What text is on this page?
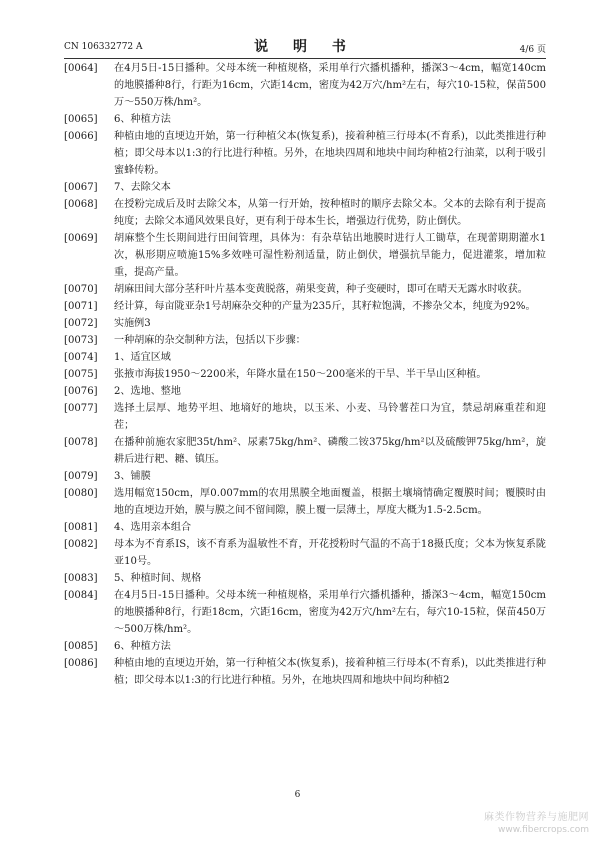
CN 106332772 A	说 明 书	4/6 页
[0064]	在4月5日-15日播种。父母本统一种植规格，采用单行穴播机播种，播深3～4cm，幅宽140cm的地膜播种8行，行距为16cm，穴距14cm，密度为42万穴/hm²左右，每穴10-15粒，保苗500万～550万株/hm²。
[0065]	6、种植方法
[0066]	种植由地的直埂边开始，第一行种植父本(恢复系)，接着种植三行母本(不育系)，以此类推进行种植；即父母本以1:3的行比进行种植。另外，在地块四周和地块中间均种植2行油菜，以利于吸引蜜蜂传粉。
[0067]	7、去除父本
[0068]	在授粉完成后及时去除父本，从第一行开始，按种植时的顺序去除父本。父本的去除有利于提高纯度；去除父本通风效果良好，更有利于母本生长，增强边行优势，防止倒伏。
[0069]	胡麻整个生长期间进行田间管理，具体为：有杂草钻出地膜时进行人工锄草，在现蕾期期灌水1次，枞形期应喷施15%多效唑可湿性粉剂适量，防止倒伏，增强抗旱能力，促进灌浆，增加粒重，提高产量。
[0070]	胡麻田间大部分茎秆叶片基本变黄脱落，蒴果变黄，种子变硬时，即可在晴天无露水时收获。
[0071]	经计算，每亩陇亚杂1号胡麻杂交种的产量为235斤，其籽粒饱满，不掺杂父本，纯度为92%。
[0072]	实施例3
[0073]	一种胡麻的杂交制种方法，包括以下步骤：
[0074]	1、适宜区域
[0075]	张掖市海拔1950～2200米，年降水量在150～200毫米的干旱、半干旱山区种植。
[0076]	2、选地、整地
[0077]	选择土层厚、地势平坦、地墒好的地块，以玉米、小麦、马铃薯茬口为宜，禁忌胡麻重茬和迎茬；
[0078]	在播种前施农家肥35t/hm²、尿素75kg/hm²、磷酸二铵375kg/hm²以及硫酸钾75kg/hm²，旋耕后进行耙、耱、镇压。
[0079]	3、铺膜
[0080]	选用幅宽150cm，厚0.007mm的农用黑膜全地面覆盖，根据土壤墒情确定覆膜时间；覆膜时由地的直埂边开始，膜与膜之间不留间隙，膜上覆一层薄土，厚度大概为1.5-2.5cm。
[0081]	4、选用亲本组合
[0082]	母本为不育系IS，该不育系为温敏性不育，开花授粉时气温的不高于18摄氏度；父本为恢复系陇亚10号。
[0083]	5、种植时间、规格
[0084]	在4月5日-15日播种。父母本统一种植规格，采用单行穴播机播种，播深3～4cm，幅宽150cm的地膜播种8行，行距18cm，穴距16cm，密度为42万穴/hm²左右，每穴10-15粒，保苗450万～500万株/hm²。
[0085]	6、种植方法
[0086]	种植由地的直埂边开始，第一行种植父本(恢复系)，接着种植三行母本(不育系)，以此类推进行种植；即父母本以1:3的行比进行种植。另外，在地块四周和地块中间均种植2
6
麻类作物营养与施肥网
www.fibercrops.com
